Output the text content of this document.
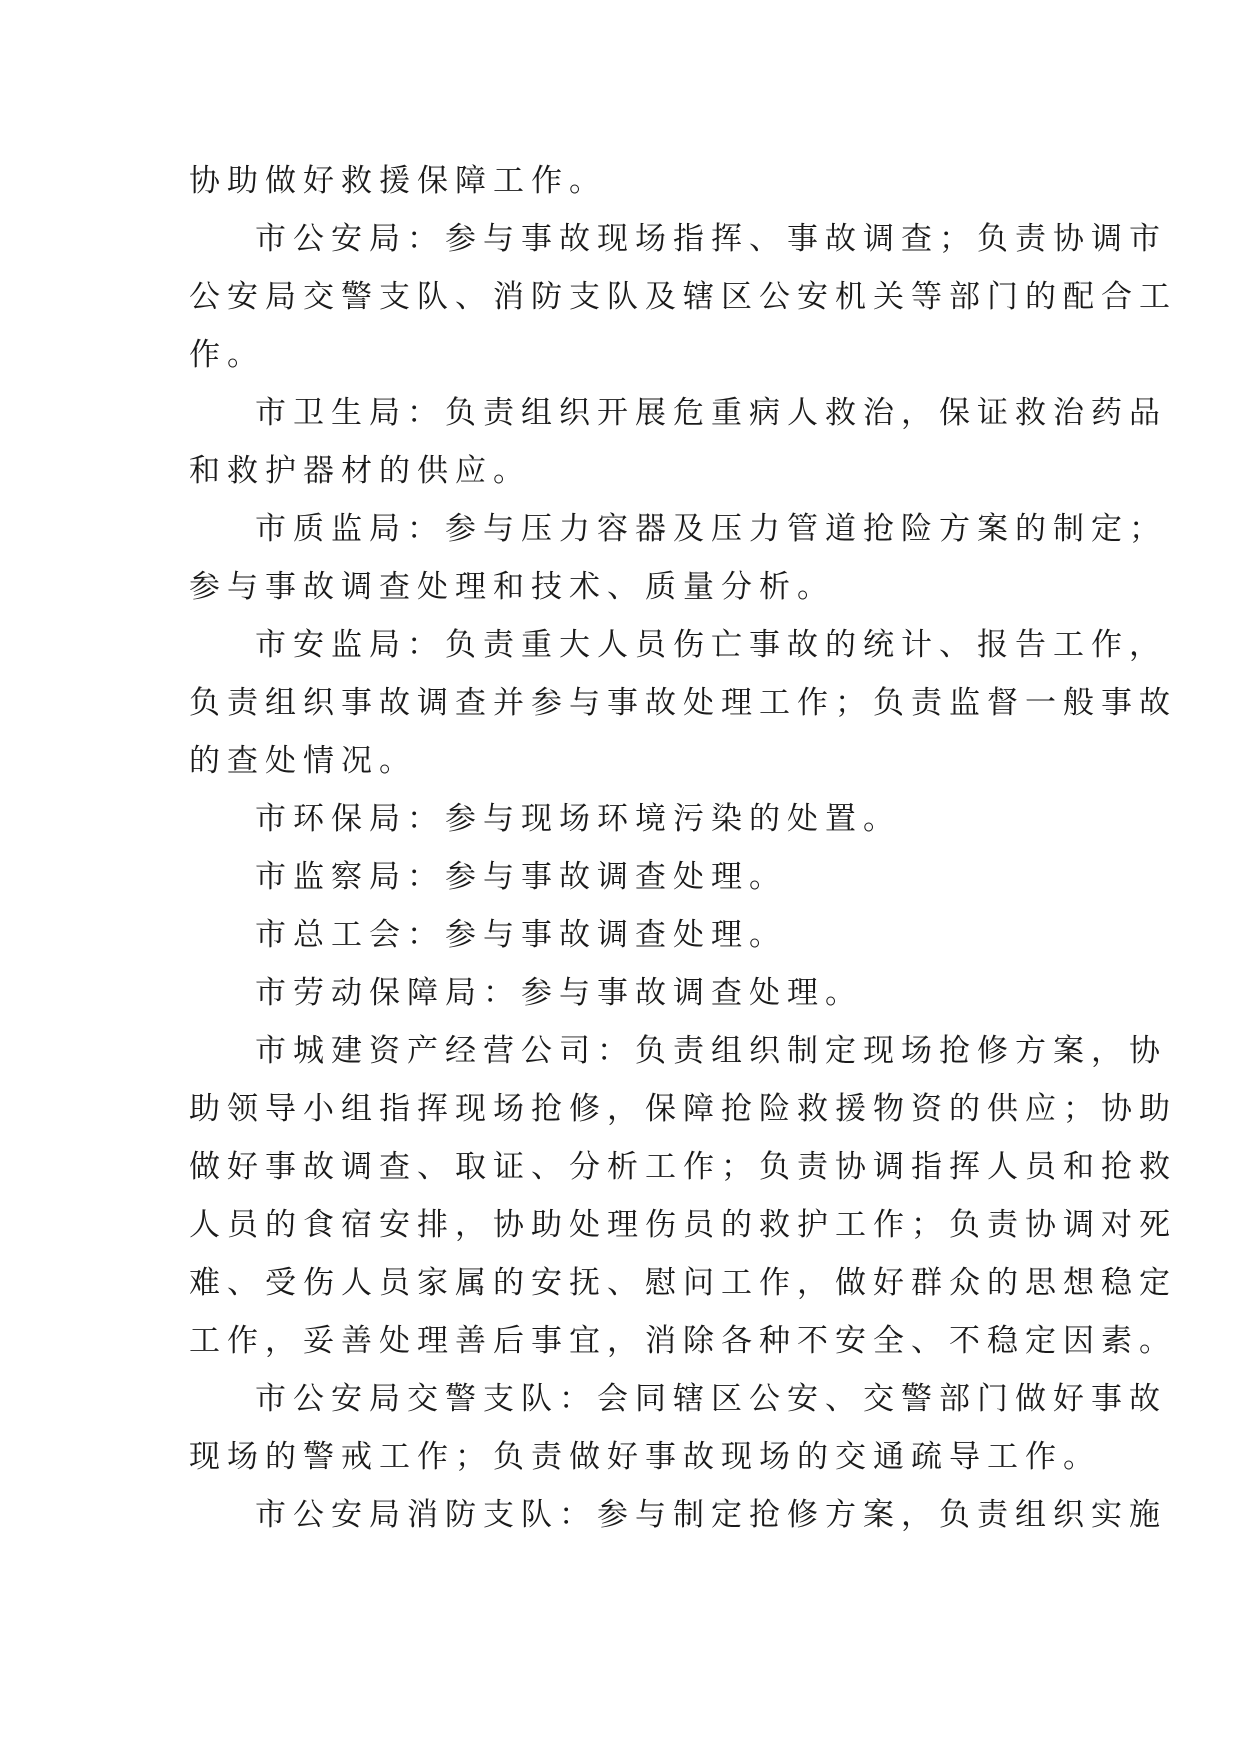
协助做好救援保障工作。
市公安局：参与事故现场指挥、事故调查；负责协调市
公安局交警支队、消防支队及辖区公安机关等部门的配合工
作。
市卫生局：负责组织开展危重病人救治，保证救治药品
和救护器材的供应。
市质监局：参与压力容器及压力管道抢险方案的制定；
参与事故调查处理和技术、质量分析。
市安监局：负责重大人员伤亡事故的统计、报告工作，
负责组织事故调查并参与事故处理工作；负责监督一般事故
的查处情况。
市环保局：参与现场环境污染的处置。
市监察局：参与事故调查处理。
市总工会：参与事故调查处理。
市劳动保障局：参与事故调查处理。
市城建资产经营公司：负责组织制定现场抢修方案，协
助领导小组指挥现场抢修，保障抢险救援物资的供应；协助
做好事故调查、取证、分析工作；负责协调指挥人员和抢救
人员的食宿安排，协助处理伤员的救护工作；负责协调对死
难、受伤人员家属的安抚、慰问工作，做好群众的思想稳定
工作，妥善处理善后事宜，消除各种不安全、不稳定因素。
市公安局交警支队：会同辖区公安、交警部门做好事故
现场的警戒工作；负责做好事故现场的交通疏导工作。
市公安局消防支队：参与制定抢修方案，负责组织实施
